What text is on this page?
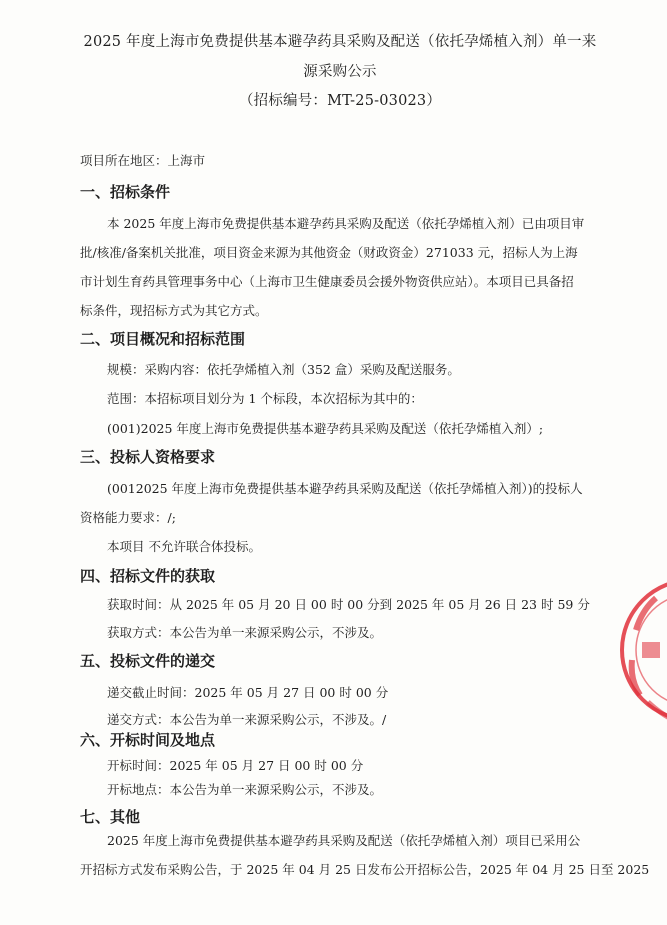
2025 年度上海市免费提供基本避孕药具采购及配送（依托孕烯植入剂）单一来
源采购公示
（招标编号：MT-25-03023）
项目所在地区：上海市
一、招标条件
本 2025 年度上海市免费提供基本避孕药具采购及配送（依托孕烯植入剂）已由项目审
批/核准/备案机关批准，项目资金来源为其他资金（财政资金）271033 元，招标人为上海
市计划生育药具管理事务中心（上海市卫生健康委员会援外物资供应站）。本项目已具备招
标条件，现招标方式为其它方式。
二、项目概况和招标范围
规模：采购内容：依托孕烯植入剂（352 盒）采购及配送服务。
范围：本招标项目划分为 1 个标段，本次招标为其中的：
(001)2025 年度上海市免费提供基本避孕药具采购及配送（依托孕烯植入剂）;
三、投标人资格要求
(0012025 年度上海市免费提供基本避孕药具采购及配送（依托孕烯植入剂）)的投标人
资格能力要求：/;
本项目 不允许联合体投标。
四、招标文件的获取
获取时间：从 2025 年 05 月 20 日 00 时 00 分到 2025 年 05 月 26 日 23 时 59 分
获取方式：本公告为单一来源采购公示，不涉及。
五、投标文件的递交
递交截止时间：2025 年 05 月 27 日 00 时 00 分
递交方式：本公告为单一来源采购公示，不涉及。/
六、开标时间及地点
开标时间：2025 年 05 月 27 日 00 时 00 分
开标地点：本公告为单一来源采购公示，不涉及。
七、其他
2025 年度上海市免费提供基本避孕药具采购及配送（依托孕烯植入剂）项目已采用公
开招标方式发布采购公告，于 2025 年 04 月 25 日发布公开招标公告，2025 年 04 月 25 日至 2025
